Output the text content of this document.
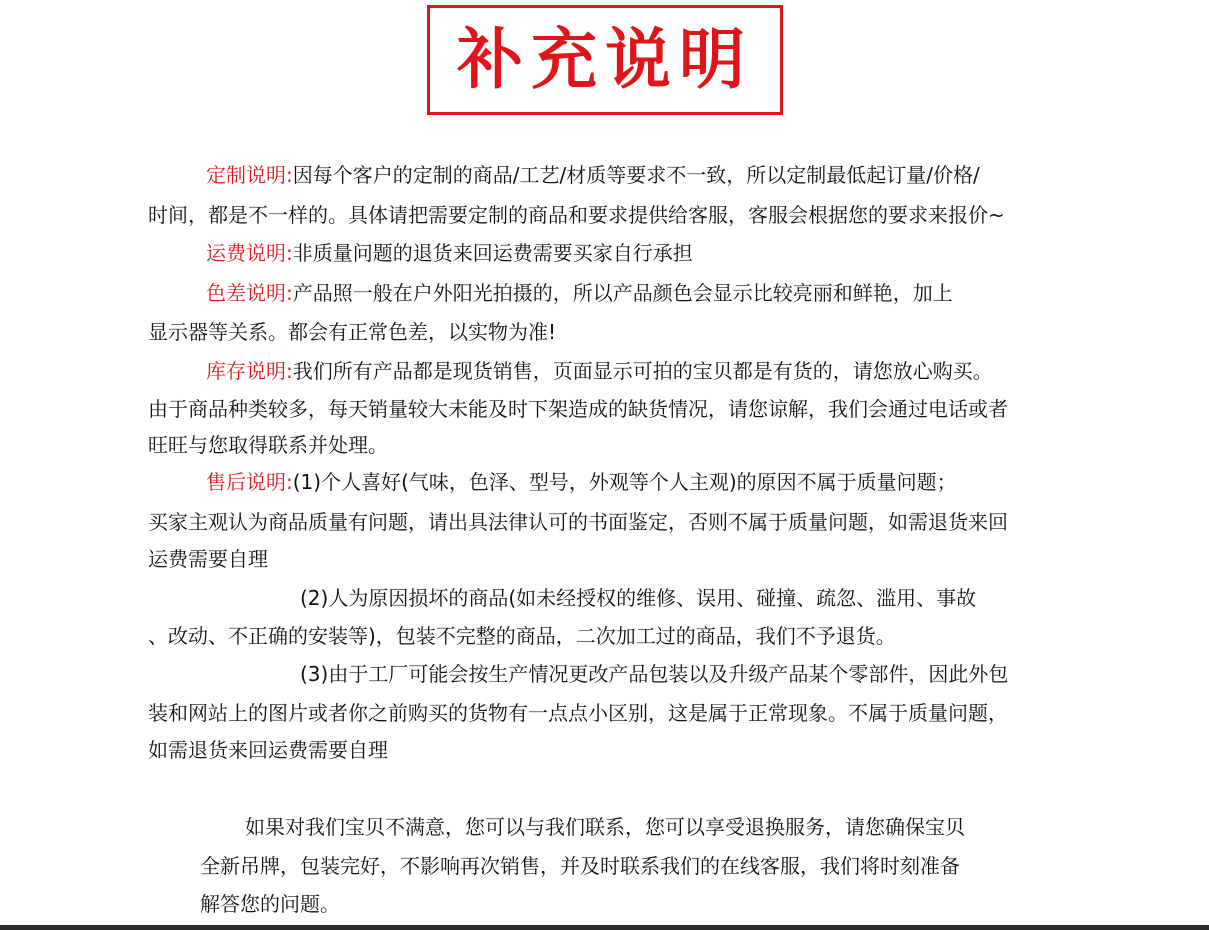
补充说明
定制说明:因每个客户的定制的商品/工艺/材质等要求不一致，所以定制最低起订量/价格/
时间，都是不一样的。具体请把需要定制的商品和要求提供给客服，客服会根据您的要求来报价~
运费说明:非质量问题的退货来回运费需要买家自行承担
色差说明:产品照一般在户外阳光拍摄的，所以产品颜色会显示比较亮丽和鲜艳，加上
显示器等关系。都会有正常色差，以实物为准!
库存说明:我们所有产品都是现货销售，页面显示可拍的宝贝都是有货的，请您放心购买。
由于商品种类较多，每天销量较大未能及时下架造成的缺货情况，请您谅解，我们会通过电话或者
旺旺与您取得联系并处理。
售后说明:(1)个人喜好(气味，色泽、型号，外观等个人主观)的原因不属于质量问题；
买家主观认为商品质量有问题，请出具法律认可的书面鉴定，否则不属于质量问题，如需退货来回
运费需要自理
(2)人为原因损坏的商品(如未经授权的维修、误用、碰撞、疏忽、滥用、事故
、改动、不正确的安装等)，包装不完整的商品，二次加工过的商品，我们不予退货。
(3)由于工厂可能会按生产情况更改产品包装以及升级产品某个零部件，因此外包
装和网站上的图片或者你之前购买的货物有一点点小区别，这是属于正常现象。不属于质量问题，
如需退货来回运费需要自理
如果对我们宝贝不满意，您可以与我们联系，您可以享受退换服务，请您确保宝贝
全新吊牌，包装完好，不影响再次销售，并及时联系我们的在线客服，我们将时刻准备
解答您的问题。
